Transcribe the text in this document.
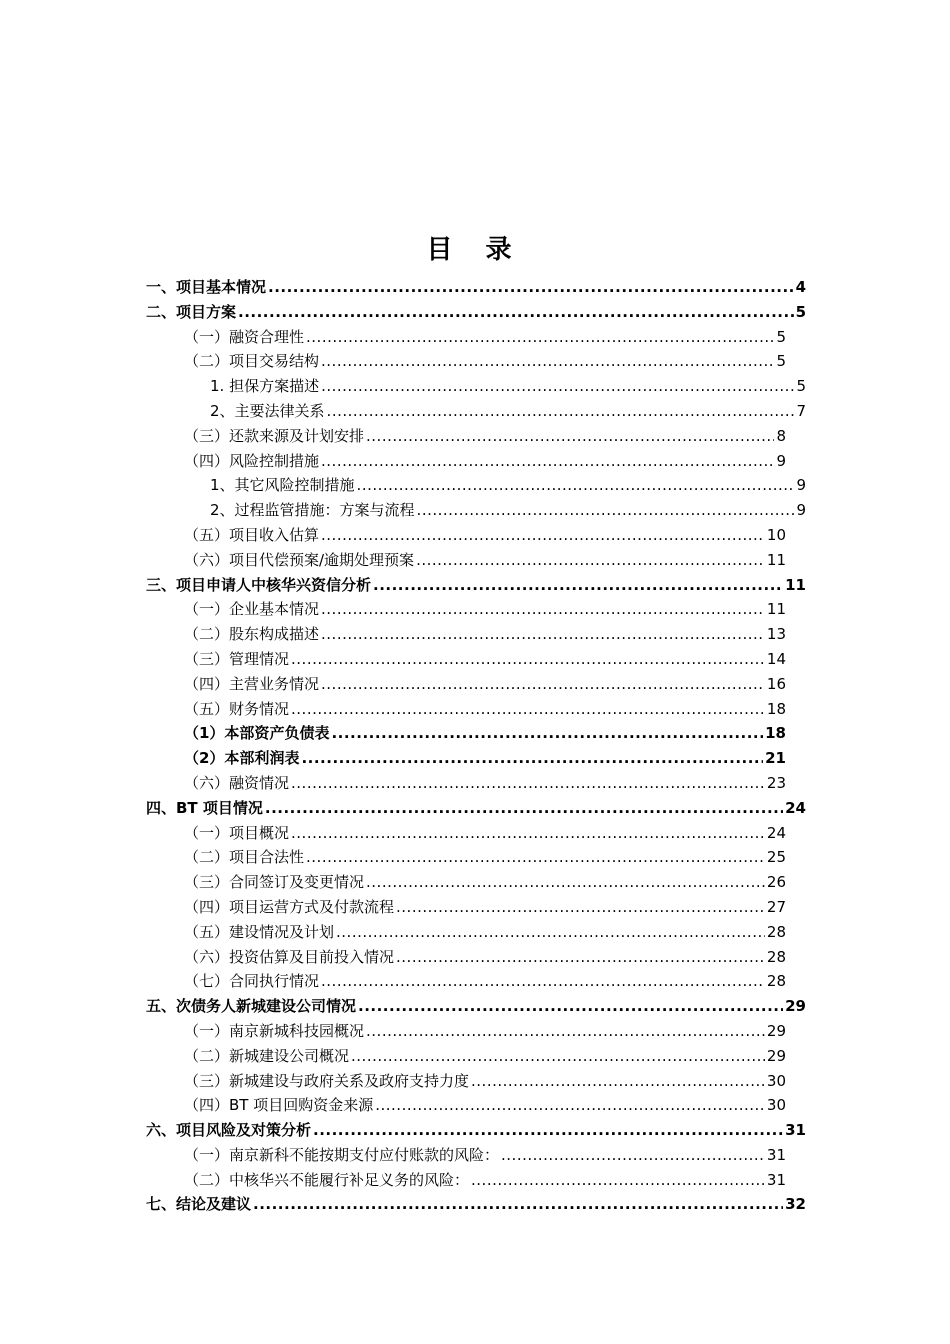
目 录
一、项目基本情况 .....	4
二、项目方案 .....	5
（一）融资合理性 .....	5
（二）项目交易结构 .....	5
1. 担保方案描述 .....	5
2、主要法律关系 .....	7
（三）还款来源及计划安排 .....	8
（四）风险控制措施 .....	9
1、其它风险控制措施 .....	9
2、过程监管措施：方案与流程 .....	9
（五）项目收入估算 .....	10
（六）项目代偿预案/逾期处理预案 .....	11
三、项目申请人中核华兴资信分析 .....	11
（一）企业基本情况 .....	11
（二）股东构成描述 .....	13
（三）管理情况 .....	14
（四）主营业务情况 .....	16
（五）财务情况 .....	18
（1）本部资产负债表 .....	18
（2）本部利润表 .....	21
（六）融资情况 .....	23
四、BT 项目情况 .....	24
（一）项目概况 .....	24
（二）项目合法性 .....	25
（三）合同签订及变更情况 .....	26
（四）项目运营方式及付款流程 .....	27
（五）建设情况及计划 .....	28
（六）投资估算及目前投入情况 .....	28
（七）合同执行情况 .....	28
五、次债务人新城建设公司情况 .....	29
（一）南京新城科技园概况 .....	29
（二）新城建设公司概况 .....	29
（三）新城建设与政府关系及政府支持力度 .....	30
（四）BT 项目回购资金来源 .....	30
六、项目风险及对策分析 .....	31
（一）南京新科不能按期支付应付账款的风险： .....	31
（二）中核华兴不能履行补足义务的风险： .....	31
七、结论及建议 .....	32
